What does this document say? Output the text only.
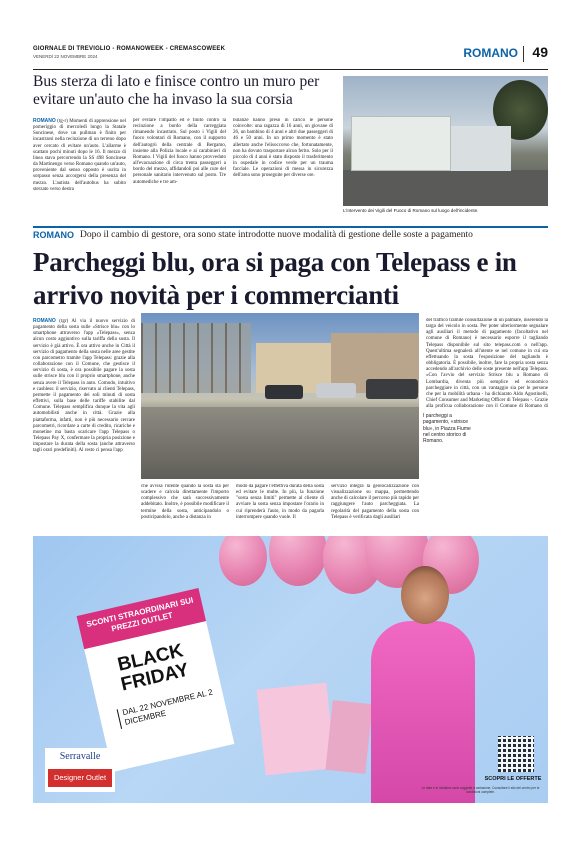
GIORNALE DI TREVIGLIO - ROMANOWEEK - CREMASCOWEEK
VENERDÌ 22 NOVEMBRE 2024	ROMANO 49
Bus sterza di lato e finisce contro un muro per evitare un'auto che ha invaso la sua corsia
ROMANO (tg-r) Momenti di apprensione nel pomeriggio di mercoledì lungo la Statale Soncinese, dove un pullman è finito per incastrarsi nella recinzione di un terreno dopo aver cercato di evitare un'auto. L'allarme è scattato pochi minuti dopo le 16. Il mezzo di linea stava percorrendo la SS 498 Soncinese da Martinengo verso Romano quando un'auto, proveniente dal senso opposto è uscita in sorpasso senza accorgersi della presenza del mezzo. L'autista dell'autobus ha subito sterzato verso destra
per evitare l'impatto ed è finito contro la recinzione a bordo della carreggiata rimanendo incastrato. Sul posto i Vigili del fuoco volontari di Romano, con il supporto dell'autogrù della centrale di Bergamo, insieme alla Polizia locale e ai carabinieri di Romano. I Vigili del fuoco hanno provveduto all'evacuazione di circa trenta passeggeri a bordo del mezzo, affidandoli poi alle cure del personale sanitario intervenuto sul posto. Tre automediche e tre am-
bulanze hanno preso in carico le persone coinvolte: una ragazza di 16 anni, un giovane di 26, un bambino di 4 anni e altri due passeggeri di 46 e 50 anni. In un primo momento è stato allertato anche l'elisoccorso che, fortunatamente, non ha dovuto trasportare alcun ferito. Solo per il piccolo di 4 anni è stato disposto il trasferimento in ospedale in codice verde per un trauma facciale. Le operazioni di messa in sicurezza dell'area sono proseguite per diverse ore.
L'intervento dei Vigili del Fuoco di Romano sul luogo dell'incidente.
ROMANO Dopo il cambio di gestore, ora sono state introdotte nuove modalità di gestione delle soste a pagamento
Parcheggi blu, ora si paga con Telepass e in arrivo novità per i commercianti
ROMANO (tgr) Al via il nuovo servizio di pagamento della sosta sulle «Strisce blu» con lo smartphone attraverso l'app «Telepass», senza alcun costo aggiuntivo sulla tariffa della sosta. Il servizio è già attivo. È ora attivo anche in Città il servizio di pagamento della sosta nelle aree gestite con parcometro tramite l'app Telepass: grazie alla collaborazione con il Comune, che gestisce il servizio di sosta, è ora possibile pagare la sosta sulle strisce blu con il proprio smartphone, anche senza avere il Telepass in auto. Comodo, intuitivo e cashless: il servizio, riservato ai clienti Telepass, permette il pagamento dei soli minuti di sosta effettivi, sulla base delle tariffe stabilite dal Comune. Telepass semplifica dunque la vita agli automobilisti anche in città. Grazie alla piattaforma, infatti, non è più necessario cercare parcometri, ricordare a carte di credito, ricariche e monetine ma basta scaricare l'app Telepass o Telepass Pay X, confermare la propria posizione e impostare la durata della sosta (anche attraverso tagli orari predefiniti). Al resto ci pensa l'app
I parcheggi a pagamento, «strisce blu», in Piazza Fiume nel centro storico di Romano.
che avvisa l'utente quando la sosta sta per scadere e calcola direttamente l'importo complessivo che sarà successivamente addebitato. Inoltre, è possibile modificare il termine della sosta, anticipandolo o posticipandolo, anche a distanza in
modo da pagare l'effettiva durata della sosta ed evitare le multe. In più, la funzione "sosta senza limiti" permette al cliente di avviare la sosta senza impostare l'orario in cui riprenderà l'auto, in modo da pagarla interrompere quando vuole. Il
servizio integra la geolocalizzazione con visualizzazione su mappa, permettendo anche di calcolare il percorso più rapido per raggiungere l'auto parcheggiata. La regolarità del pagamento della sosta con Telepass è verificata dagli ausiliari
del traffico tramite consultazione di un palmare, inserendo la targa del veicolo in sosta. Per poter ulteriormente segnalare agli ausiliari il metodo di pagamento (facoltativo nel comune di Romano) è necessario esporre il tagliando Telepass disponibile sul sito telepass.com o nell'app. Quest'ultima segnalerà all'utente se nel comune in cui sta effettuando la sosta l'esposizione del tagliando è obbligatoria. È possibile, inoltre, fare la propria sosta senza accedendo all'archivio delle soste presente nell'app Telepass. «Con l'avvio del servizio Strisce blu a Romano di Lombardia, diventa più semplice ed economico parcheggiare in città, con un vantaggio sia per le persone che per la mobilità urbana - ha dichiarato Aldo Agostinelli, Chief Consumer and Marketing Officer di Telepass -. Grazie alla proficua collaborazione con il Comune di Romano di
SCONTI STRAORDINARI SUI PREZZI OUTLET
BLACK FRIDAY
DAL 22 NOVEMBRE AL 2 DICEMBRE
Serravalle
Designer Outlet	SCOPRI LE OFFERTE
Le date e le iniziative sono soggette a variazione. Consultare il sito del centro per le condizioni complete.
